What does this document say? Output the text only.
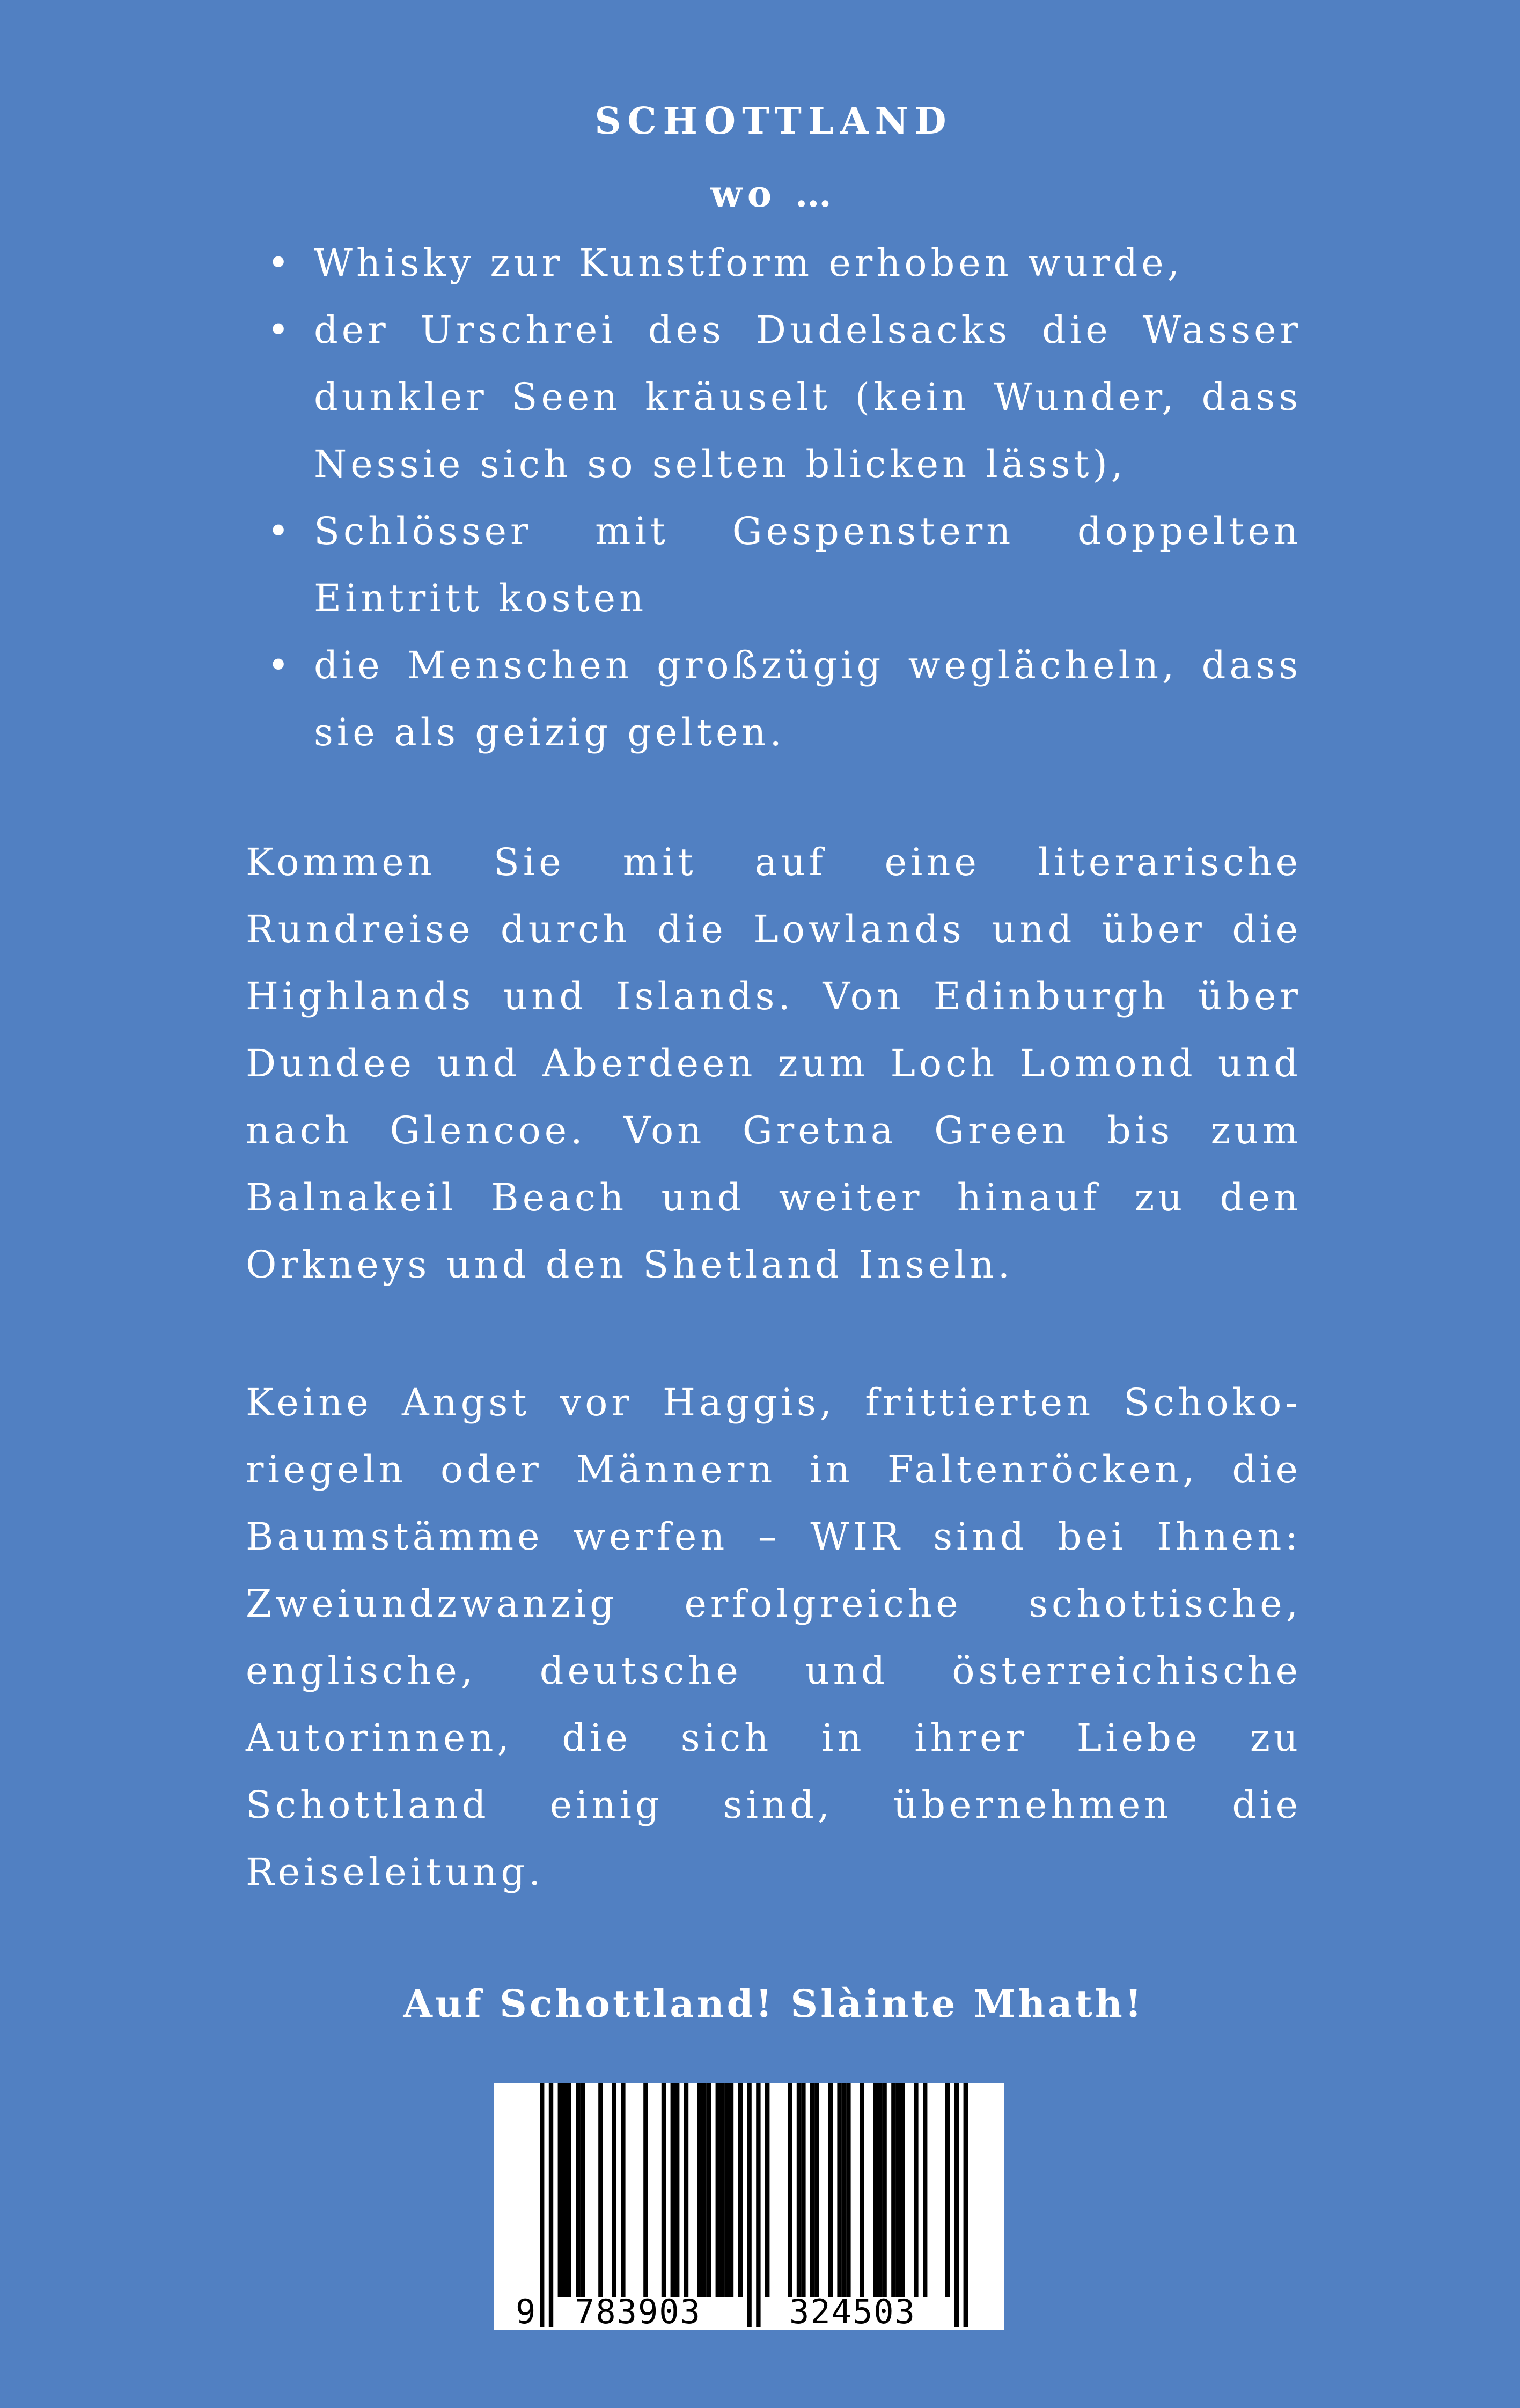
SCHOTTLAND
wo …
• Whisky zur Kunstform erhoben wurde,
• der Urschrei des Dudelsacks die Wasser dunkler Seen kräuselt (kein Wunder, dass Nessie sich so selten blicken lässt),
• Schlösser mit Gespenstern doppelten Eintritt kosten
• die Menschen großzügig weglächeln, dass sie als geizig gelten.

Kommen Sie mit auf eine literarische Rundreise durch die Lowlands und über die Highlands und Islands. Von Edinburgh über Dundee und Aberdeen zum Loch Lomond und nach Glencoe. Von Gretna Green bis zum Balnakeil Beach und weiter hinauf zu den Orkneys und den Shetland Inseln.

Keine Angst vor Haggis, frittierten Schoko-riegeln oder Männern in Faltenröcken, die Baumstämme werfen – WIR sind bei Ihnen: Zweiundzwanzig erfolgreiche schottische, englische, deutsche und österreichische Autorinnen, die sich in ihrer Liebe zu Schottland einig sind, übernehmen die Reiseleitung.

Auf Schottland! Slàinte Mhath!
9 783903	324503
